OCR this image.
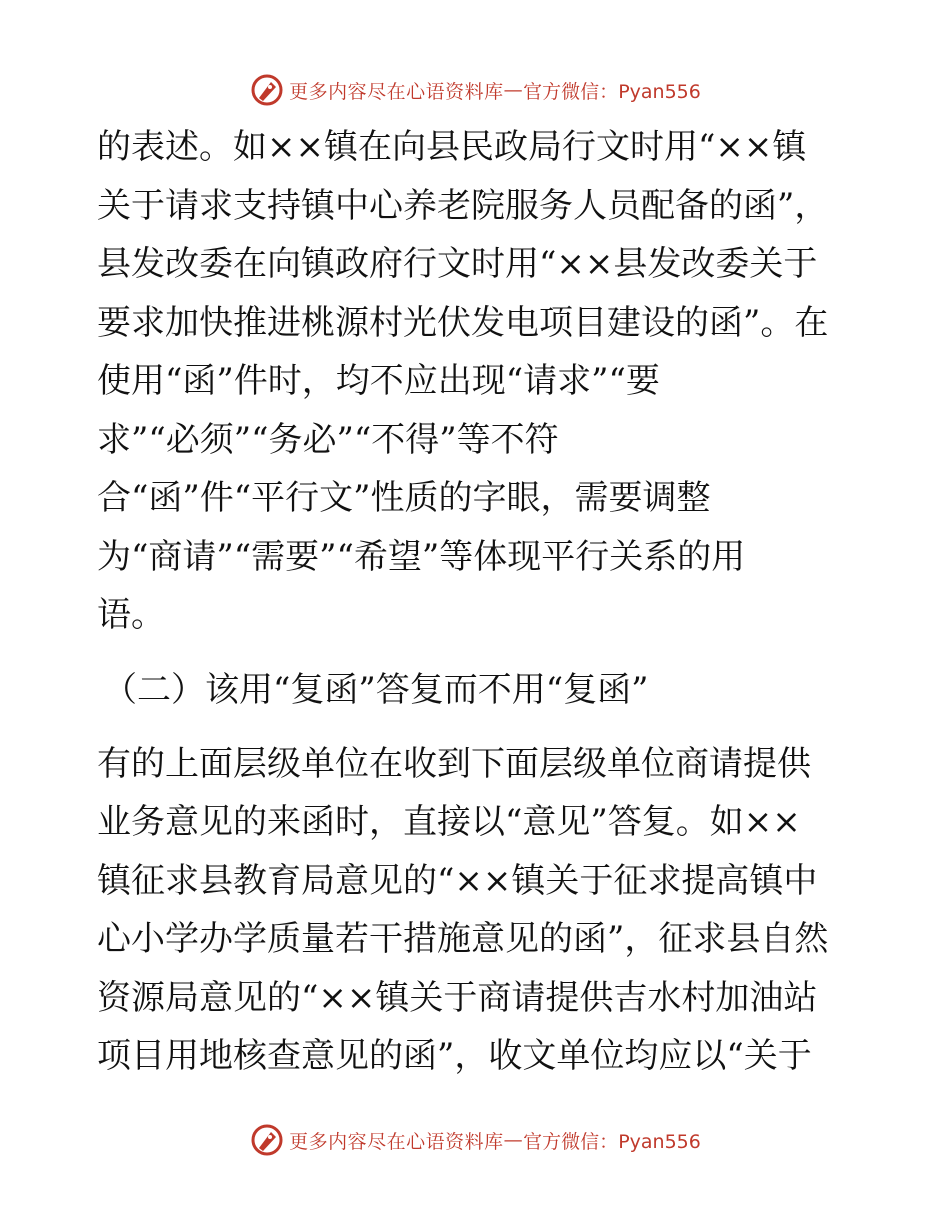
更多内容尽在心语资料库 — 官方微信：Pyan556
的表述。如××镇在向县民政局行文时用“××镇
关于请求支持镇中心养老院服务人员配备的函”，
县发改委在向镇政府行文时用“××县发改委关于
要求加快推进桃源村光伏发电项目建设的函”。在
使用“函”件时，均不应出现“请求”“要
求”“必须”“务必”“不得”等不符
合“函”件“平行文”性质的字眼，需要调整
为“商请”“需要”“希望”等体现平行关系的用
语。
（二）该用“复函”答复而不用“复函”
有的上面层级单位在收到下面层级单位商请提供
业务意见的来函时，直接以“意见”答复。如××
镇征求县教育局意见的“××镇关于征求提高镇中
心小学办学质量若干措施意见的函”，征求县自然
资源局意见的“××镇关于商请提供吉水村加油站
项目用地核查意见的函”，收文单位均应以“关于
更多内容尽在心语资料库 — 官方微信：Pyan556
